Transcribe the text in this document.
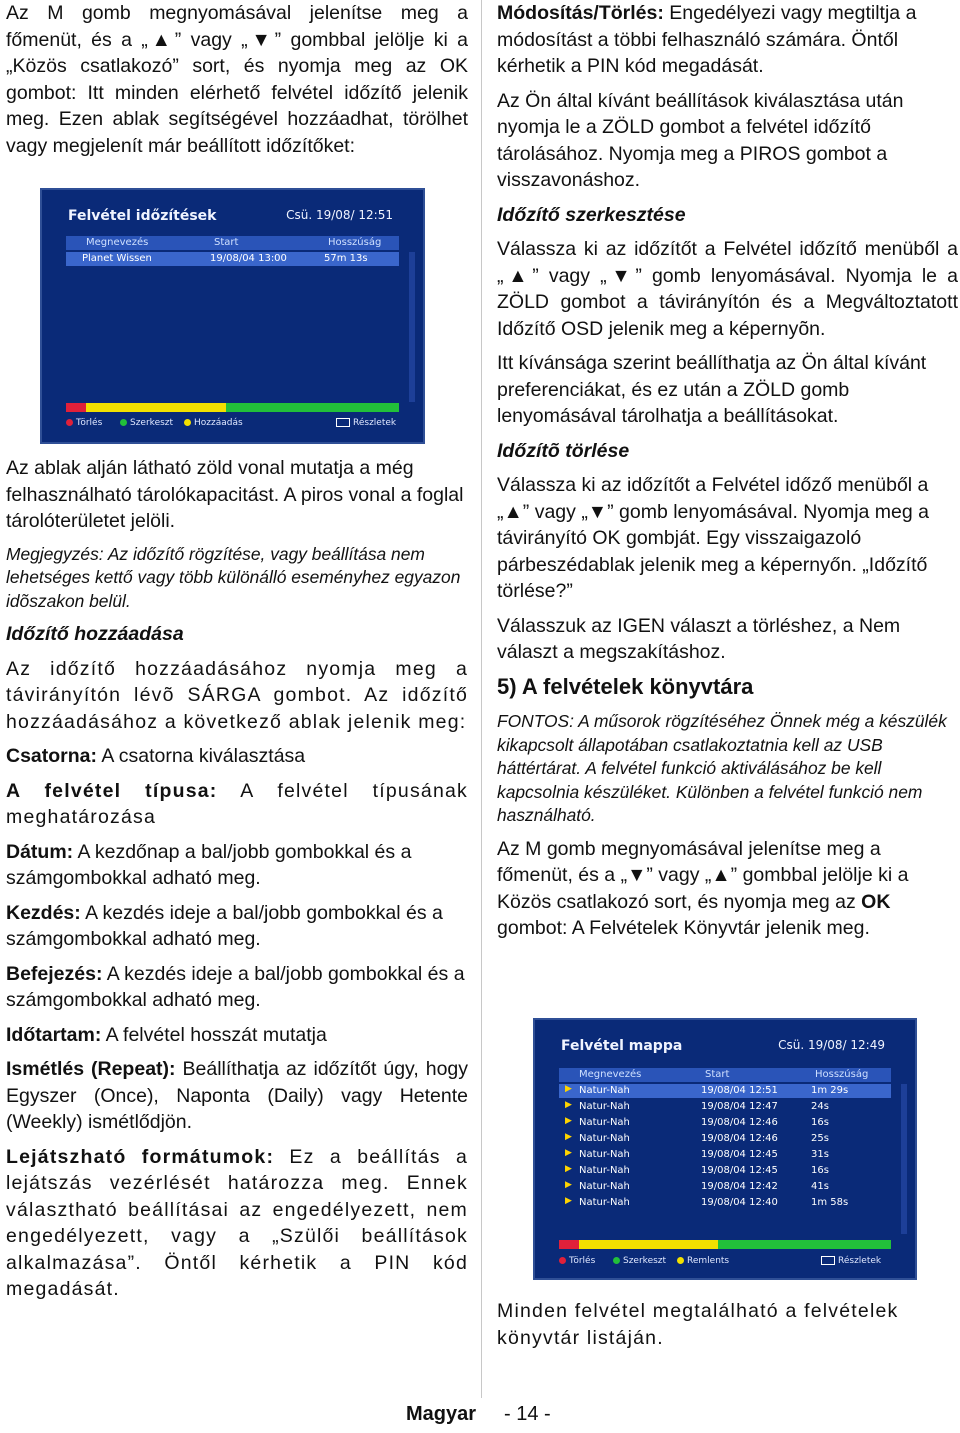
Az M gomb megnyomásával jelenítse meg a főmenüt, és a „▲” vagy „▼” gombbal jelölje ki a „Közös csatlakozó” sort, és nyomja meg az OK gombot: Itt minden elérhető felvétel időzítő jelenik meg. Ezen ablak segítségével hozzáadhat, törölhet vagy megjelenít már beállított időzítőket:

Felvétel időzítések	Csü. 19/08/ 12:51
Megnevezés	Start	Hosszúság
Planet Wissen	19/08/04 13:00	57m 13s
Törlés	Szerkeszt	Hozzáadás	Részletek

Az ablak alján látható zöld vonal mutatja a még felhasználható tárolókapacitást. A piros vonal a foglal tárolóterületet jelöli.

Megjegyzés: Az időzítő rögzítése, vagy beállítása nem lehetséges kettő vagy több különálló eseményhez egyazon idõszakon belül.

Időzítő hozzáadása

Az időzítő hozzáadásához nyomja meg a távirányítón lévõ SÁRGA gombot. Az időzítő hozzáadásához a következő ablak jelenik meg:

Csatorna: A csatorna kiválasztása

A felvétel típusa: A felvétel típusának meghatározása

Dátum: A kezdőnap a bal/jobb gombokkal és a számgombokkal adható meg.

Kezdés: A kezdés ideje a bal/jobb gombokkal és a számgombokkal adható meg.

Befejezés: A kezdés ideje a bal/jobb gombokkal és a számgombokkal adható meg.

Időtartam: A felvétel hosszát mutatja

Ismétlés (Repeat): Beállíthatja az időzítőt úgy, hogy Egyszer (Once), Naponta (Daily) vagy Hetente (Weekly) ismétlődjön.

Lejátszható formátumok: Ez a beállítás a lejátszás vezérlését határozza meg. Ennek választható beállításai az engedélyezett, nem engedélyezett, vagy a „Szülői beállítások alkalmazása”. Öntől kérhetik a PIN kód megadását.

Módosítás/Törlés: Engedélyezi vagy megtiltja a módosítást a többi felhasználó számára. Öntől kérhetik a PIN kód megadását.

Az Ön által kívánt beállítások kiválasztása után nyomja le a ZÖLD gombot a felvétel időzítő tárolásához. Nyomja meg a PIROS gombot a visszavonáshoz.

Időzítő szerkesztése

Válassza ki az időzítőt a Felvétel időzítő menüből a „▲” vagy „▼” gomb lenyomásával. Nyomja le a ZÖLD gombot a távirányítón és a Megváltoztatott Időzítő OSD jelenik meg a képernyõn.

Itt kívánsága szerint beállíthatja az Ön által kívánt preferenciákat, és ez után a ZÖLD gomb lenyomásával tárolhatja a beállításokat.

Időzítõ törlése

Válassza ki az időzítőt a Felvétel időző menüből a „▲” vagy „▼” gomb lenyomásával. Nyomja meg a távirányító OK gombját. Egy visszaigazoló párbeszédablak jelenik meg a képernyőn. „Időzítő törlése?”

Válasszuk az IGEN választ a törléshez, a Nem választ a megszakításhoz.

5) A felvételek könyvtára

FONTOS: A műsorok rögzítéséhez Önnek még a készülék kikapcsolt állapotában csatlakoztatnia kell az USB háttértárat. A felvétel funkció aktiválásához be kell kapcsolnia készüléket. Különben a felvétel funkció nem használható.

Az M gomb megnyomásával jelenítse meg a főmenüt, és a „▼” vagy „▲” gombbal jelölje ki a Közös csatlakozó sort, és nyomja meg az OK gombot: A Felvételek Könyvtár jelenik meg.

Felvétel mappa	Csü. 19/08/ 12:49
Megnevezés	Start	Hosszúság
▶ Natur-Nah	19/08/04 12:51	1m 29s
▶ Natur-Nah	19/08/04 12:47	24s
▶ Natur-Nah	19/08/04 12:46	16s
▶ Natur-Nah	19/08/04 12:46	25s
▶ Natur-Nah	19/08/04 12:45	31s
▶ Natur-Nah	19/08/04 12:45	16s
▶ Natur-Nah	19/08/04 12:42	41s
▶ Natur-Nah	19/08/04 12:40	1m 58s
Törlés	Szerkeszt	Remlents	Részletek

Minden felvétel megtalálható a felvételek könyvtár listáján.

Magyar - 14 -
